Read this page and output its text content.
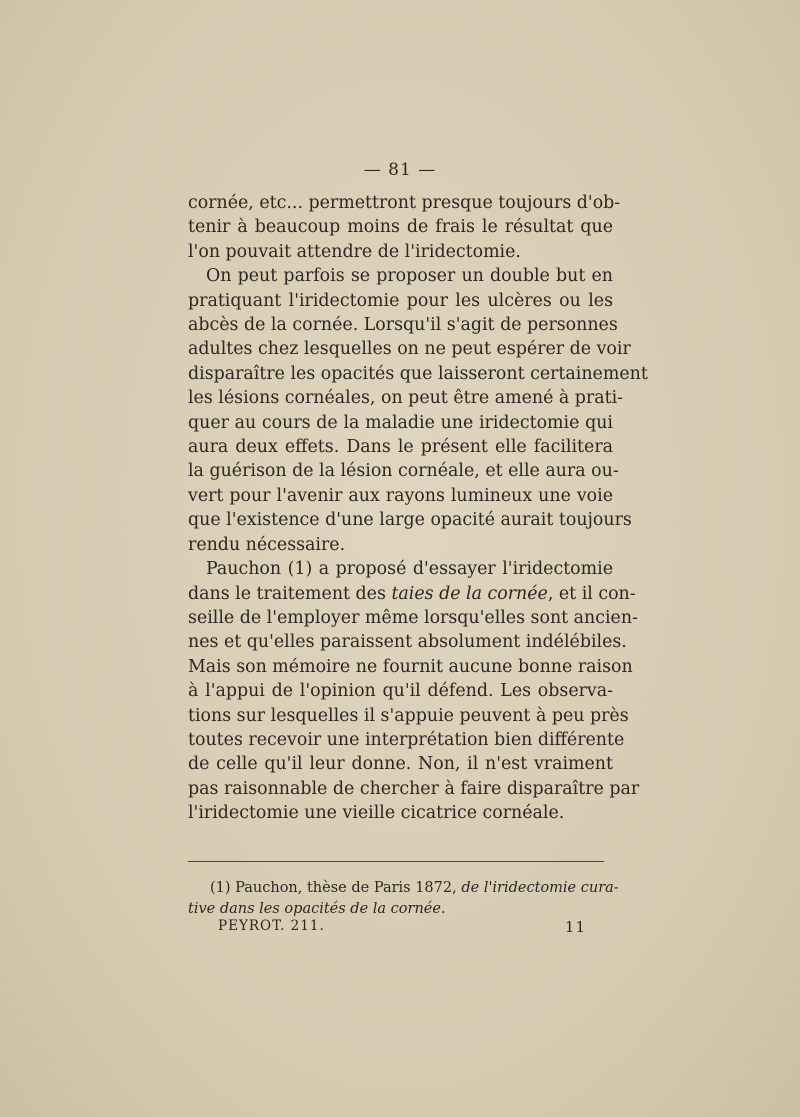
— 81 —
cornée, etc... permettront presque toujours d'ob-
tenir à beaucoup moins de frais le résultat que
l'on pouvait attendre de l'iridectomie.
On peut parfois se proposer un double but en
pratiquant l'iridectomie pour les ulcères ou les
abcès de la cornée. Lorsqu'il s'agit de personnes
adultes chez lesquelles on ne peut espérer de voir
disparaître les opacités que laisseront certainement
les lésions cornéales, on peut être amené à prati-
quer au cours de la maladie une iridectomie qui
aura deux effets. Dans le présent elle facilitera
la guérison de la lésion cornéale, et elle aura ou-
vert pour l'avenir aux rayons lumineux une voie
que l'existence d'une large opacité aurait toujours
rendu nécessaire.
Pauchon (1) a proposé d'essayer l'iridectomie
dans le traitement des taies de la cornée, et il con-
seille de l'employer même lorsqu'elles sont ancien-
nes et qu'elles paraissent absolument indélébiles.
Mais son mémoire ne fournit aucune bonne raison
à l'appui de l'opinion qu'il défend. Les observa-
tions sur lesquelles il s'appuie peuvent à peu près
toutes recevoir une interprétation bien différente
de celle qu'il leur donne. Non, il n'est vraiment
pas raisonnable de chercher à faire disparaître par
l'iridectomie une vieille cicatrice cornéale.
(1) Pauchon, thèse de Paris 1872, de l'iridectomie cura-
tive dans les opacités de la cornée.
PEYROT. 211.	11
